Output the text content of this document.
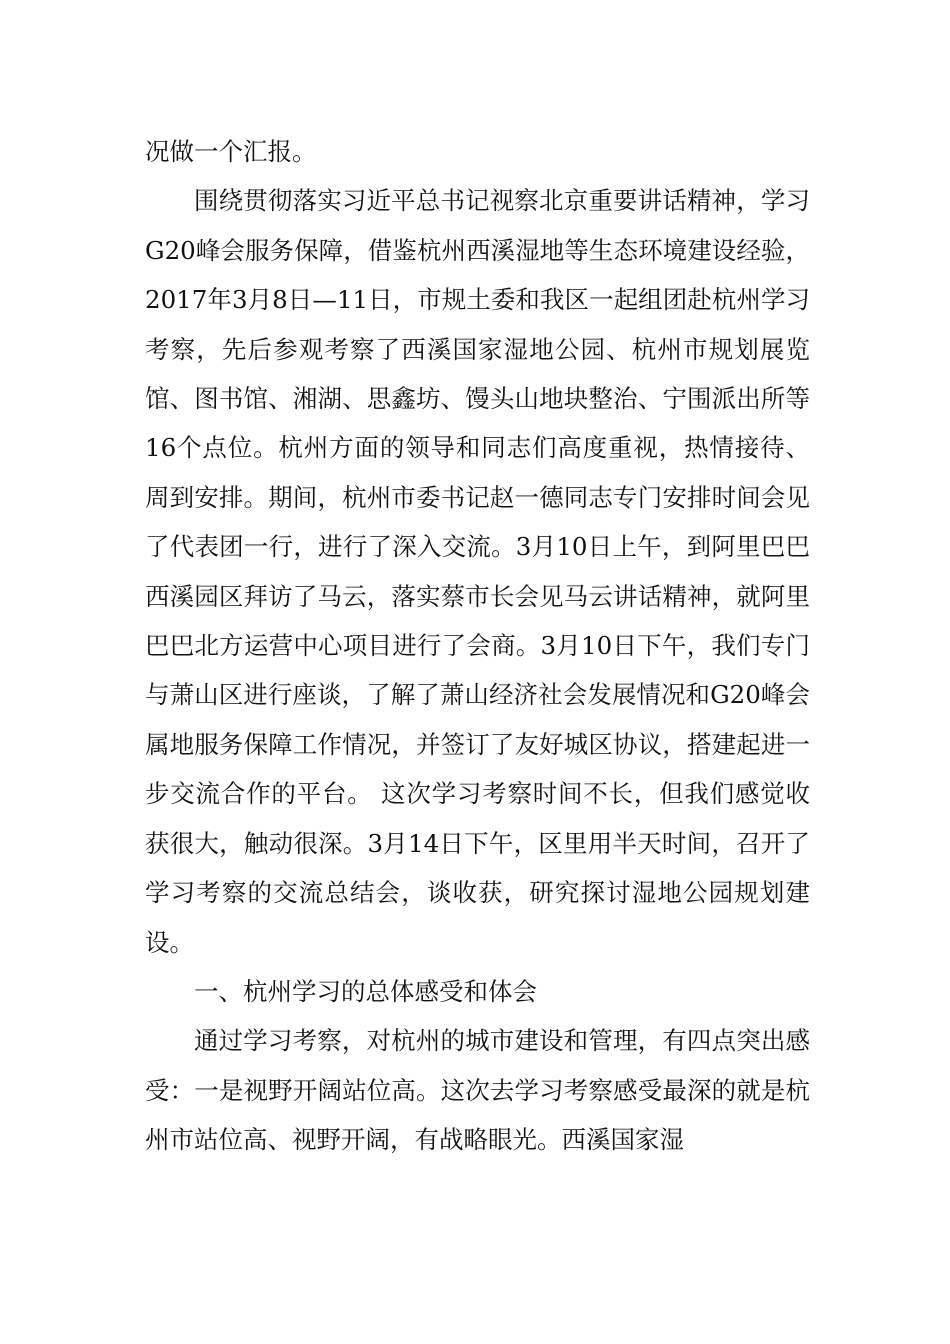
况做一个汇报。

围绕贯彻落实习近平总书记视察北京重要讲话精神，学习G20峰会服务保障，借鉴杭州西溪湿地等生态环境建设经验，2017年3月8日—11日，市规土委和我区一起组团赴杭州学习考察，先后参观考察了西溪国家湿地公园、杭州市规划展览馆、图书馆、湘湖、思鑫坊、馒头山地块整治、宁围派出所等16个点位。杭州方面的领导和同志们高度重视，热情接待、周到安排。期间，杭州市委书记赵一德同志专门安排时间会见了代表团一行，进行了深入交流。3月10日上午，到阿里巴巴西溪园区拜访了马云，落实蔡市长会见马云讲话精神，就阿里巴巴北方运营中心项目进行了会商。3月10日下午，我们专门与萧山区进行座谈，了解了萧山经济社会发展情况和G20峰会属地服务保障工作情况，并签订了友好城区协议，搭建起进一步交流合作的平台。 这次学习考察时间不长，但我们感觉收获很大，触动很深。3月14日下午，区里用半天时间，召开了学习考察的交流总结会，谈收获，研究探讨湿地公园规划建设。

一、杭州学习的总体感受和体会

通过学习考察，对杭州的城市建设和管理，有四点突出感受：一是视野开阔站位高。这次去学习考察感受最深的就是杭州市站位高、视野开阔，有战略眼光。西溪国家湿
